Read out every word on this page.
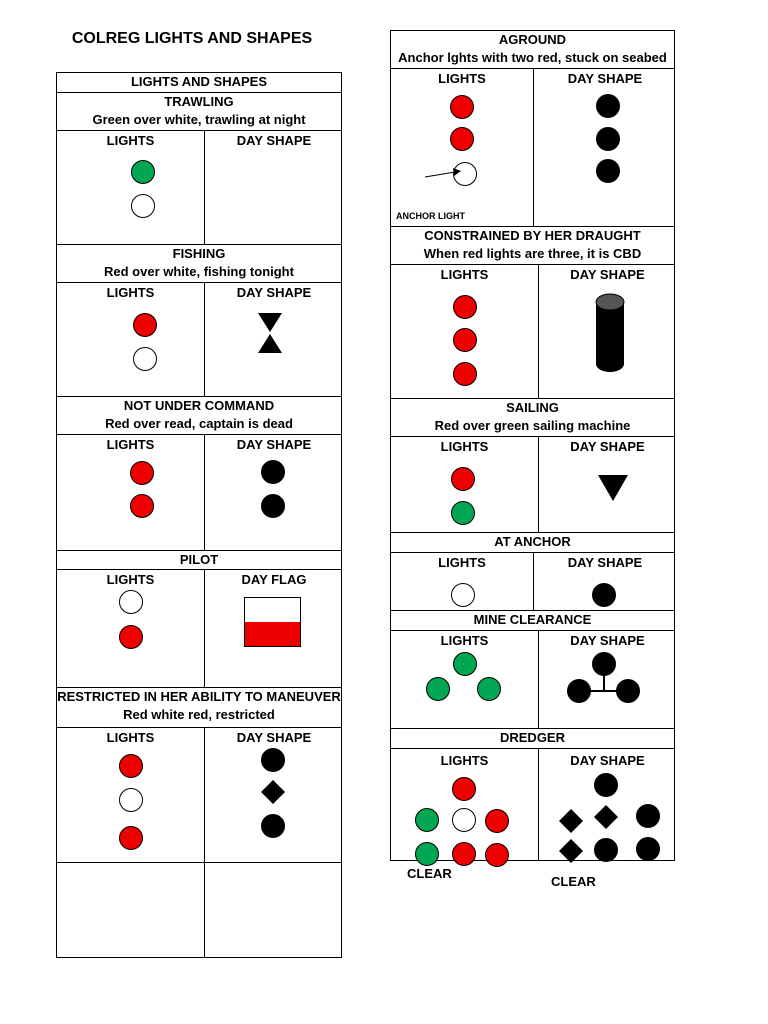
COLREG LIGHTS AND SHAPES
LIGHTS AND SHAPES
TRAWLING
Green over white, trawling at night
LIGHTS	DAY SHAPE
FISHING
Red over white, fishing tonight
LIGHTS	DAY SHAPE
NOT UNDER COMMAND
Red over read, captain is dead
LIGHTS	DAY SHAPE
PILOT
LIGHTS	DAY FLAG
RESTRICTED IN HER ABILITY TO MANEUVER
Red white red, restricted
LIGHTS	DAY SHAPE
AGROUND
Anchor lghts with two red, stuck on seabed
LIGHTS	DAY SHAPE
ANCHOR LIGHT
CONSTRAINED BY HER DRAUGHT
When red lights are three, it is CBD
LIGHTS	DAY SHAPE
SAILING
Red over green sailing machine
LIGHTS	DAY SHAPE
AT ANCHOR
LIGHTS	DAY SHAPE
MINE CLEARANCE
LIGHTS	DAY SHAPE
DREDGER
LIGHTS	DAY SHAPE
CLEAR
CLEAR
